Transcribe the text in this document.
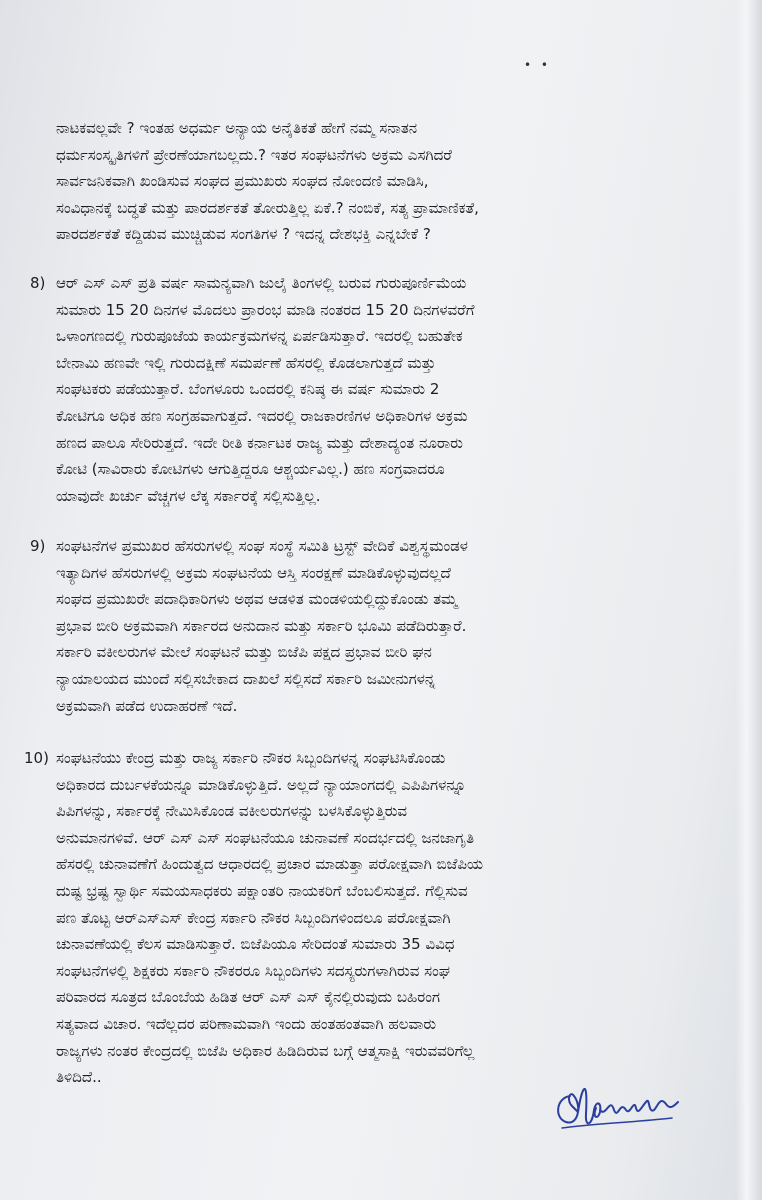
• •

ನಾಟಕವಲ್ಲವೇ ? ಇಂತಹ ಅಧರ್ಮ ಅನ್ಯಾಯ ಅನೈತಿಕತೆ ಹೇಗೆ ನಮ್ಮ ಸನಾತನ
ಧರ್ಮಸಂಸ್ಕೃತಿಗಳಿಗೆ ಪ್ರೇರಣೆಯಾಗಬಲ್ಲದು.? ಇತರ ಸಂಘಟನೆಗಳು ಅಕ್ರಮ ಎಸಗಿದರೆ
ಸಾರ್ವಜನಿಕವಾಗಿ ಖಂಡಿಸುವ ಸಂಘದ ಪ್ರಮುಖರು ಸಂಘದ ನೋಂದಣಿ ಮಾಡಿಸಿ,
ಸಂವಿಧಾನಕ್ಕೆ ಬದ್ಧತೆ ಮತ್ತು ಪಾರದರ್ಶಕತೆ ತೋರುತ್ತಿಲ್ಲ ಏಕೆ.? ನಂಬಿಕೆ, ಸತ್ಯ ಪ್ರಾಮಾಣಿಕತೆ,
ಪಾರದರ್ಶಕತೆ ಕದ್ದಿಡುವ ಮುಚ್ಚಿಡುವ ಸಂಗತಿಗಳ ? ಇದನ್ನ ದೇಶಭಕ್ತಿ ಎನ್ನಬೇಕೆ ?

8) ಆರ್ ಎಸ್ ಎಸ್ ಪ್ರತಿ ವರ್ಷ ಸಾಮನ್ಯವಾಗಿ ಜುಲೈ ತಿಂಗಳಲ್ಲಿ ಬರುವ ಗುರುಪೂರ್ಣಿಮೆಯ
ಸುಮಾರು 15 20 ದಿನಗಳ ಮೊದಲು ಪ್ರಾರಂಭ ಮಾಡಿ ನಂತರದ 15 20 ದಿನಗಳವರೆಗೆ
ಒಳಾಂಗಣದಲ್ಲಿ ಗುರುಪೂಜೆಯ ಕಾರ್ಯಕ್ರಮಗಳನ್ನ ಏರ್ಪಡಿಸುತ್ತಾರೆ. ಇದರಲ್ಲಿ ಬಹುತೇಕ
ಬೇನಾಮಿ ಹಣವೇ ಇಲ್ಲಿ ಗುರುದಕ್ಷಿಣೆ ಸಮರ್ಪಣೆ ಹೆಸರಲ್ಲಿ ಕೊಡಲಾಗುತ್ತದೆ ಮತ್ತು
ಸಂಘಟಕರು ಪಡೆಯುತ್ತಾರೆ. ಬೆಂಗಳೂರು ಒಂದರಲ್ಲಿ ಕನಿಷ್ಠ ಈ ವರ್ಷ ಸುಮಾರು 2
ಕೋಟಿಗೂ ಅಧಿಕ ಹಣ ಸಂಗ್ರಹವಾಗುತ್ತದೆ. ಇದರಲ್ಲಿ ರಾಜಕಾರಣಿಗಳ ಅಧಿಕಾರಿಗಳ ಅಕ್ರಮ
ಹಣದ ಪಾಲೂ ಸೇರಿರುತ್ತದೆ. ಇದೇ ರೀತಿ ಕರ್ನಾಟಕ ರಾಜ್ಯ ಮತ್ತು ದೇಶಾದ್ಯಂತ ನೂರಾರು
ಕೋಟಿ (ಸಾವಿರಾರು ಕೋಟಿಗಳು ಆಗುತ್ತಿದ್ದರೂ ಆಶ್ಚರ್ಯವಿಲ್ಲ.) ಹಣ ಸಂಗ್ರವಾದರೂ
ಯಾವುದೇ ಖರ್ಚು ವೆಚ್ಚಗಳ ಲೆಕ್ಕ ಸರ್ಕಾರಕ್ಕೆ ಸಲ್ಲಿಸುತ್ತಿಲ್ಲ.

9) ಸಂಘಟನೆಗಳ ಪ್ರಮುಖರ ಹೆಸರುಗಳಲ್ಲಿ ಸಂಘ ಸಂಸ್ಥೆ ಸಮಿತಿ ಟ್ರಸ್ಟ್ ವೇದಿಕೆ ವಿಶ್ವಸ್ಥಮಂಡಳ
ಇತ್ಯಾದಿಗಳ ಹೆಸರುಗಳಲ್ಲಿ ಅಕ್ರಮ ಸಂಘಟನೆಯ ಆಸ್ತಿ ಸಂರಕ್ಷಣೆ ಮಾಡಿಕೊಳ್ಳುವುದಲ್ಲದೆ
ಸಂಘದ ಪ್ರಮುಖರೇ ಪದಾಧಿಕಾರಿಗಳು ಅಥವ ಆಡಳಿತ ಮಂಡಳಿಯಲ್ಲಿದ್ದುಕೊಂಡು ತಮ್ಮ
ಪ್ರಭಾವ ಬೀರಿ ಅಕ್ರಮವಾಗಿ ಸರ್ಕಾರದ ಅನುದಾನ ಮತ್ತು ಸರ್ಕಾರಿ ಭೂಮಿ ಪಡೆದಿರುತ್ತಾರೆ.
ಸರ್ಕಾರಿ ವಕೀಲರುಗಳ ಮೇಲೆ ಸಂಘಟನೆ ಮತ್ತು ಬಿಜೆಪಿ ಪಕ್ಷದ ಪ್ರಭಾವ ಬೀರಿ ಘನ
ನ್ಯಾಯಾಲಯದ ಮುಂದೆ ಸಲ್ಲಿಸಬೇಕಾದ ದಾಖಲೆ ಸಲ್ಲಿಸದೆ ಸರ್ಕಾರಿ ಜಮೀನುಗಳನ್ನ
ಅಕ್ರಮವಾಗಿ ಪಡೆದ ಉದಾಹರಣೆ ಇದೆ.

10) ಸಂಘಟನೆಯು ಕೇಂದ್ರ ಮತ್ತು ರಾಜ್ಯ ಸರ್ಕಾರಿ ನೌಕರ ಸಿಬ್ಬಂದಿಗಳನ್ನ ಸಂಘಟಿಸಿಕೊಂಡು
ಅಧಿಕಾರದ ದುರ್ಬಳಕೆಯನ್ನೂ ಮಾಡಿಕೊಳ್ಳುತ್ತಿದೆ. ಅಲ್ಲದೆ ನ್ಯಾಯಾಂಗದಲ್ಲಿ ಎಪಿಪಿಗಳನ್ನೂ
ಪಿಪಿಗಳನ್ನು, ಸರ್ಕಾರಕ್ಕೆ ನೇಮಿಸಿಕೊಂಡ ವಕೀಲರುಗಳನ್ನು ಬಳಸಿಕೊಳ್ಳುತ್ತಿರುವ
ಅನುಮಾನಗಳಿವೆ. ಆರ್ ಎಸ್ ಎಸ್ ಸಂಘಟನೆಯೂ ಚುನಾವಣೆ ಸಂದರ್ಭದಲ್ಲಿ ಜನಜಾಗೃತಿ
ಹೆಸರಲ್ಲಿ ಚುನಾವಣೆಗೆ ಹಿಂದುತ್ವದ ಆಧಾರದಲ್ಲಿ ಪ್ರಚಾರ ಮಾಡುತ್ತಾ ಪರೋಕ್ಷವಾಗಿ ಬಿಜೆಪಿಯ
ದುಷ್ಟ ಭ್ರಷ್ಟ ಸ್ವಾರ್ಥಿ ಸಮಯಸಾಧಕರು ಪಕ್ಷಾಂತರಿ ನಾಯಕರಿಗೆ ಬೆಂಬಲಿಸುತ್ತದೆ. ಗೆಲ್ಲಿಸುವ
ಪಣ ತೊಟ್ಟ ಆರ್‌ಎಸ್‌ಎಸ್ ಕೇಂದ್ರ ಸರ್ಕಾರಿ ನೌಕರ ಸಿಬ್ಬಂದಿಗಳಿಂದಲೂ ಪರೋಕ್ಷವಾಗಿ
ಚುನಾವಣೆಯಲ್ಲಿ ಕೆಲಸ ಮಾಡಿಸುತ್ತಾರೆ. ಬಿಜೆಪಿಯೂ ಸೇರಿದಂತೆ ಸುಮಾರು 35 ವಿವಿಧ
ಸಂಘಟನೆಗಳಲ್ಲಿ ಶಿಕ್ಷಕರು ಸರ್ಕಾರಿ ನೌಕರರೂ ಸಿಬ್ಬಂದಿಗಳು ಸದಸ್ಯರುಗಳಾಗಿರುವ ಸಂಘ
ಪರಿವಾರದ ಸೂತ್ರದ ಬೊಂಬೆಯ ಹಿಡಿತ ಆರ್ ಎಸ್ ಎಸ್ ಕೈನಲ್ಲಿರುವುದು ಬಹಿರಂಗ
ಸತ್ಯವಾದ ವಿಚಾರ. ಇದೆಲ್ಲದರ ಪರಿಣಾಮವಾಗಿ ಇಂದು ಹಂತಹಂತವಾಗಿ ಹಲವಾರು
ರಾಜ್ಯಗಳು ನಂತರ ಕೇಂದ್ರದಲ್ಲಿ ಬಿಜೆಪಿ ಅಧಿಕಾರ ಹಿಡಿದಿರುವ ಬಗ್ಗೆ ಆತ್ಮಸಾಕ್ಷಿ ಇರುವವರಿಗೆಲ್ಲ
ತಿಳಿದಿದೆ..
